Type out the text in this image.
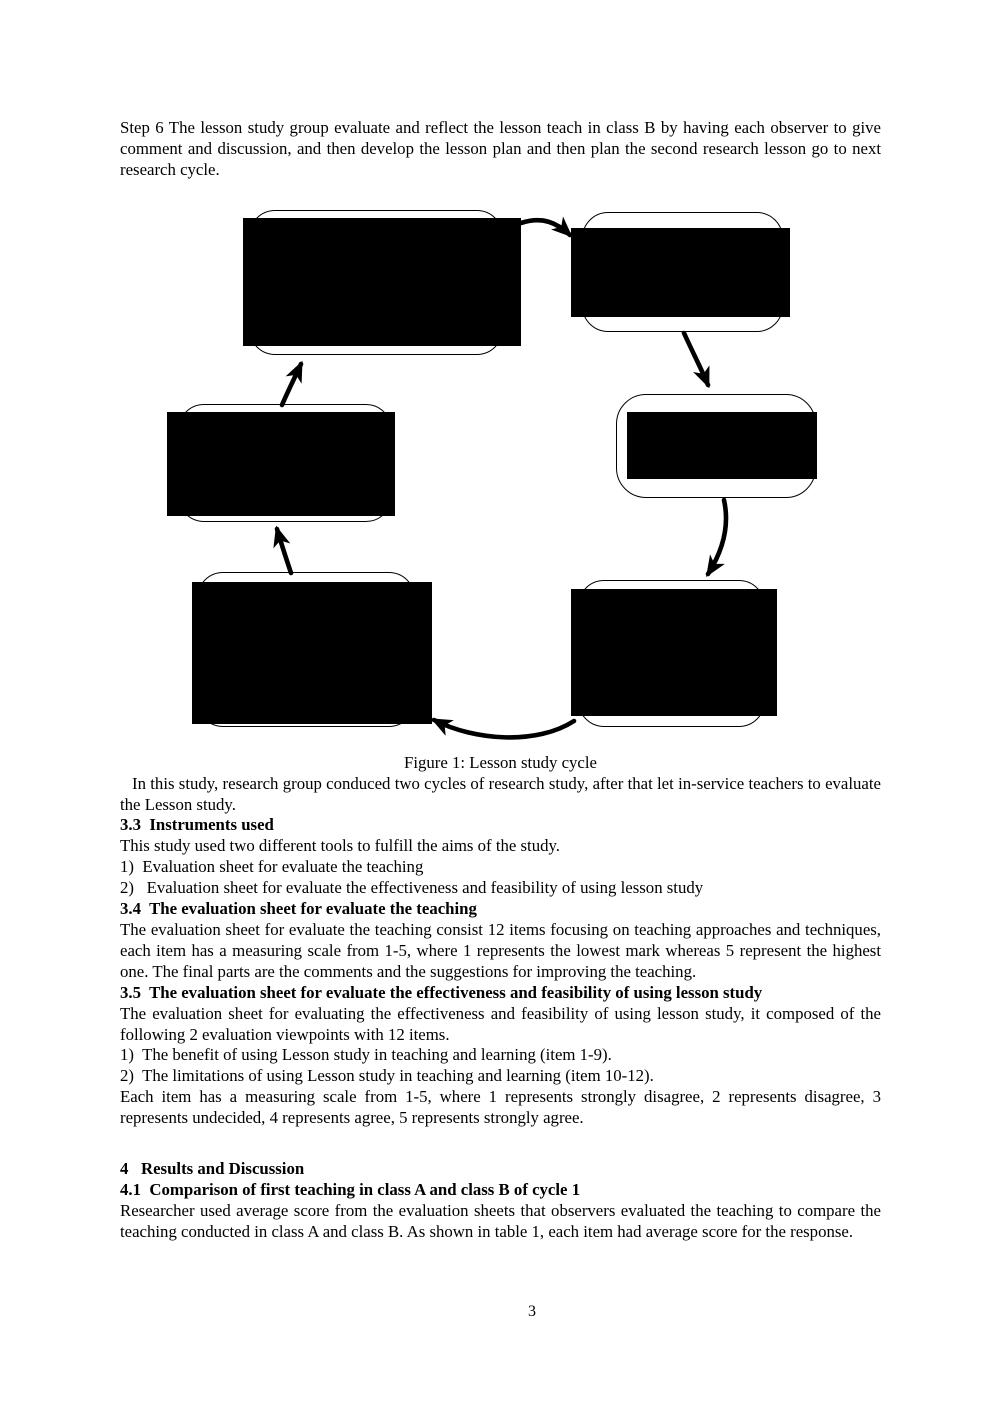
Step 6 The lesson study group evaluate and reflect the lesson teach in class B by having each observer to give comment and discussion, and then develop the lesson plan and then plan the second research lesson go to next research cycle.

Figure 1: Lesson study cycle

In this study, research group conduced two cycles of research study, after that let in-service teachers to evaluate the Lesson study.

3.3  Instruments used

This study used two different tools to fulfill the aims of the study.

1)  Evaluation sheet for evaluate the teaching

2)   Evaluation sheet for evaluate the effectiveness and feasibility of using lesson study

3.4  The evaluation sheet for evaluate the teaching

The evaluation sheet for evaluate the teaching consist 12 items focusing on teaching approaches and techniques, each item has a measuring scale from 1-5, where 1 represents the lowest mark whereas 5 represent the highest one. The final parts are the comments and the suggestions for improving the teaching.

3.5  The evaluation sheet for evaluate the effectiveness and feasibility of using lesson study

The evaluation sheet for evaluating the effectiveness and feasibility of using lesson study, it composed of the following 2 evaluation viewpoints with 12 items.

1)  The benefit of using Lesson study in teaching and learning (item 1-9).

2)  The limitations of using Lesson study in teaching and learning (item 10-12).

Each item has a measuring scale from 1-5, where 1 represents strongly disagree, 2 represents disagree, 3 represents undecided, 4 represents agree, 5 represents strongly agree.

4   Results and Discussion

4.1  Comparison of first teaching in class A and class B of cycle 1

Researcher used average score from the evaluation sheets that observers evaluated the teaching to compare the teaching conducted in class A and class B. As shown in table 1, each item had average score for the response.

3
